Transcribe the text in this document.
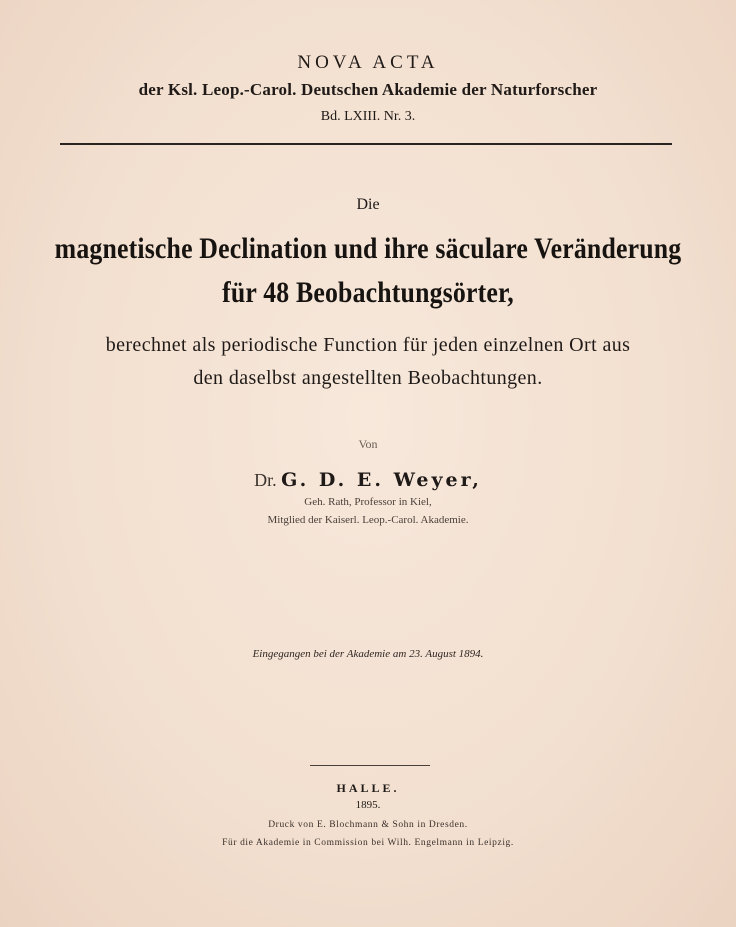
NOVA ACTA
der Ksl. Leop.-Carol. Deutschen Akademie der Naturforscher
Bd. LXIII. Nr. 3.
Die
magnetische Declination und ihre säculare Veränderung
für 48 Beobachtungsörter,
berechnet als periodische Function für jeden einzelnen Ort aus
den daselbst angestellten Beobachtungen.
Von
Dr. G. D. E. Weyer,
Geh. Rath, Professor in Kiel,
Mitglied der Kaiserl. Leop.-Carol. Akademie.
Eingegangen bei der Akademie am 23. August 1894.
HALLE.
1895.
Druck von E. Blochmann & Sohn in Dresden.
Für die Akademie in Commission bei Wilh. Engelmann in Leipzig.
